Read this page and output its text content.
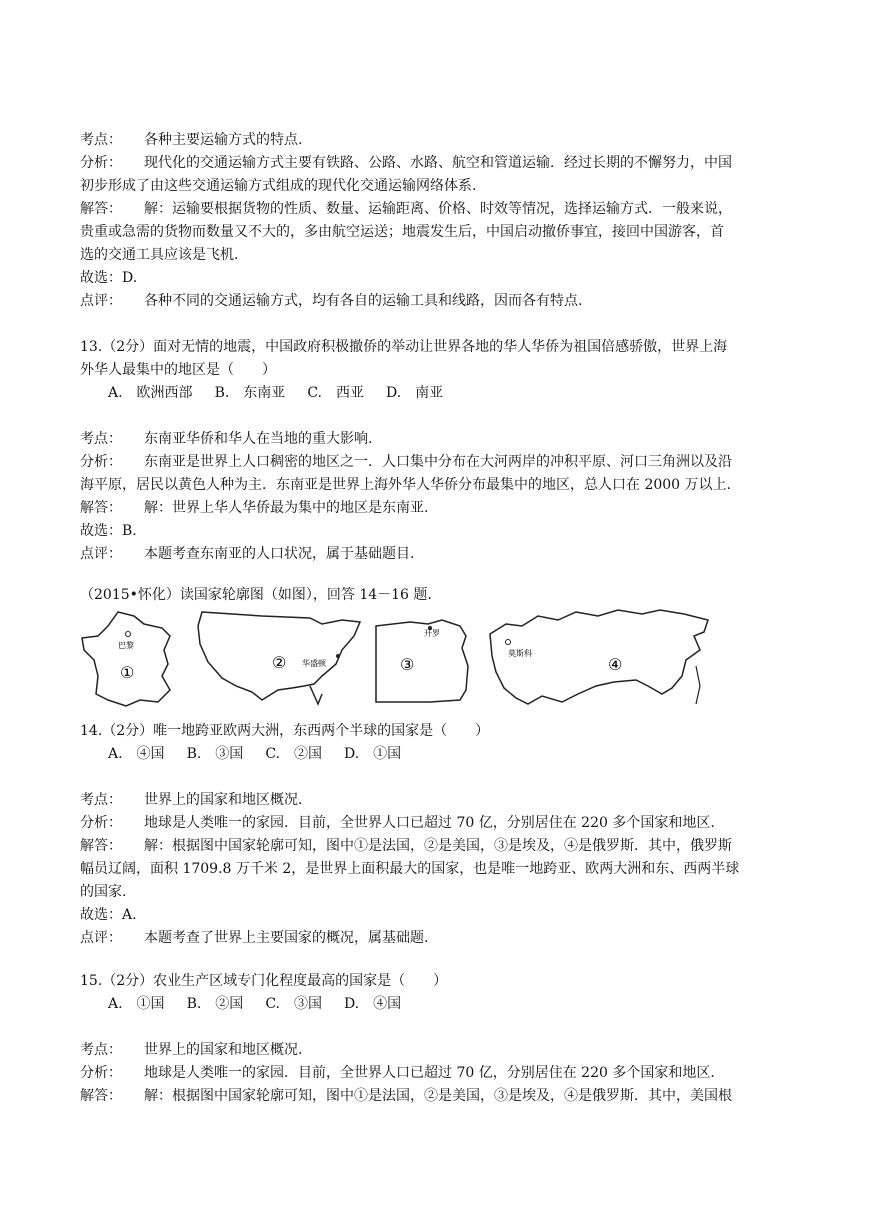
考点： 各种主要运输方式的特点.
分析： 现代化的交通运输方式主要有铁路、公路、水路、航空和管道运输．经过长期的不懈努力，中国
初步形成了由这些交通运输方式组成的现代化交通运输网络体系.
解答： 解：运输要根据货物的性质、数量、运输距离、价格、时效等情况，选择运输方式．一般来说，
贵重或急需的货物而数量又不大的，多由航空运送；地震发生后，中国启动撤侨事宜，接回中国游客，首
选的交通工具应该是飞机.
故选：D.
点评： 各种不同的交通运输方式，均有各自的运输工具和线路，因而各有特点.
13.（2分）面对无情的地震，中国政府积极撤侨的举动让世界各地的华人华侨为祖国倍感骄傲，世界上海
外华人最集中的地区是（　　）
A.　欧洲西部 B.　东南亚 C.　西亚 D.　南亚
考点： 东南亚华侨和华人在当地的重大影响.
分析： 东南亚是世界上人口稠密的地区之一．人口集中分布在大河两岸的冲积平原、河口三角洲以及沿
海平原，居民以黄色人种为主．东南亚是世界上海外华人华侨分布最集中的地区，总人口在 2000 万以上.
解答： 解：世界上华人华侨最为集中的地区是东南亚.
故选：B.
点评： 本题考查东南亚的人口状况，属于基础题目.
（2015•怀化）读国家轮廓图（如图），回答 14－16 题.
巴黎
①	华盛顿
②
开罗
③
莫斯科
④
14.（2分）唯一地跨亚欧两大洲，东西两个半球的国家是（　　）
A.　④国 B.　③国 C.　②国 D.　①国
考点： 世界上的国家和地区概况.
分析： 地球是人类唯一的家园．目前，全世界人口已超过 70 亿，分别居住在 220 多个国家和地区.
解答： 解：根据图中国家轮廓可知，图中①是法国，②是美国，③是埃及，④是俄罗斯．其中，俄罗斯
幅员辽阔，面积 1709.8 万千米 2，是世界上面积最大的国家，也是唯一地跨亚、欧两大洲和东、西两半球
的国家.
故选：A.
点评： 本题考查了世界上主要国家的概况，属基础题.
15.（2分）农业生产区域专门化程度最高的国家是（　　）
A.　①国 B.　②国 C.　③国 D.　④国
考点： 世界上的国家和地区概况.
分析： 地球是人类唯一的家园．目前，全世界人口已超过 70 亿，分别居住在 220 多个国家和地区.
解答： 解：根据图中国家轮廓可知，图中①是法国，②是美国，③是埃及，④是俄罗斯．其中，美国根
